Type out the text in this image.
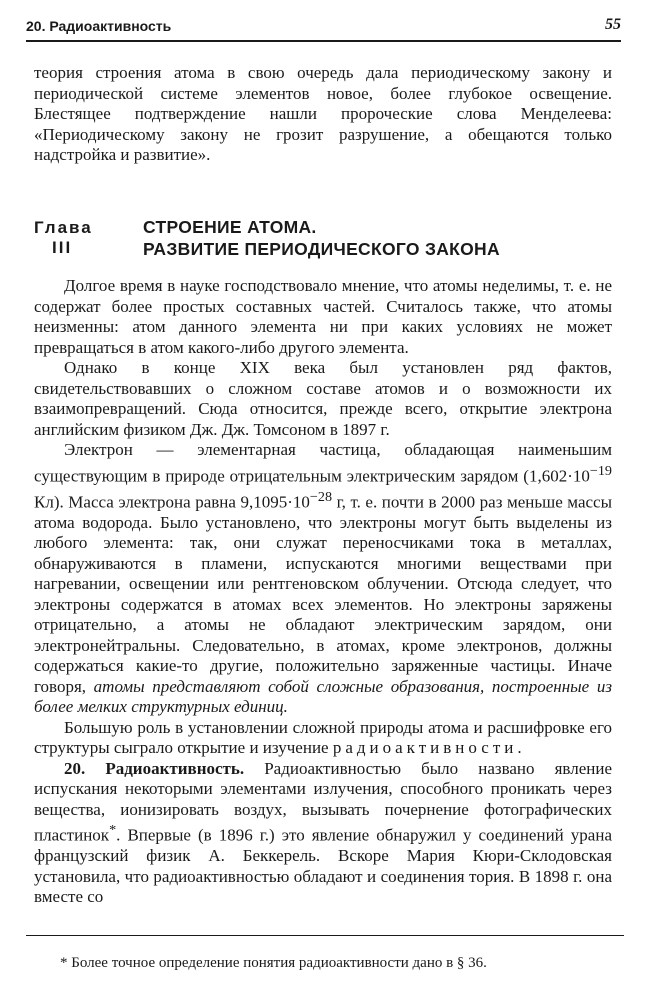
20. Радиоактивность	55

теория строения атома в свою очередь дала периодическому закону и периодической системе элементов новое, более глубокое освещение. Блестящее подтверждение нашли пророческие слова Менделеева: «Периодическому закону не грозит разрушение, а обещаются только надстройка и развитие».

Глава
III
СТРОЕНИЕ АТОМА.
РАЗВИТИЕ ПЕРИОДИЧЕСКОГО ЗАКОНА

Долгое время в науке господствовало мнение, что атомы неделимы, т. е. не содержат более простых составных частей. Считалось также, что атомы неизменны: атом данного элемента ни при каких условиях не может превращаться в атом какого-либо другого элемента.

Однако в конце XIX века был установлен ряд фактов, свидетельствовавших о сложном составе атомов и о возможности их взаимопревращений. Сюда относится, прежде всего, открытие электрона английским физиком Дж. Дж. Томсоном в 1897 г.

Электрон — элементарная частица, обладающая наименьшим существующим в природе отрицательным электрическим зарядом ($1,602\cdot 10^{-19}$ Кл). Масса электрона равна $9,1095\cdot 10^{-28}$ г, т. е. почти в 2000 раз меньше массы атома водорода. Было установлено, что электроны могут быть выделены из любого элемента: так, они служат переносчиками тока в металлах, обнаруживаются в пламени, испускаются многими веществами при нагревании, освещении или рентгеновском облучении. Отсюда следует, что электроны содержатся в атомах всех элементов. Но электроны заряжены отрицательно, а атомы не обладают электрическим зарядом, они электронейтральны. Следовательно, в атомах, кроме электронов, должны содержаться какие-то другие, положительно заряженные частицы. Иначе говоря, атомы представляют собой сложные образования, построенные из более мелких структурных единиц.

Большую роль в установлении сложной природы атома и расшифровке его структуры сыграло открытие и изучение радиоактивности.

20. Радиоактивность. Радиоактивностью было названо явление испускания некоторыми элементами излучения, способного проникать через вещества, ионизировать воздух, вызывать почернение фотографических пластинок*. Впервые (в 1896 г.) это явление обнаружил у соединений урана французский физик А. Беккерель. Вскоре Мария Кюри-Склодовская установила, что радиоактивностью обладают и соединения тория. В 1898 г. она вместе со

* Более точное определение понятия радиоактивности дано в § 36.
